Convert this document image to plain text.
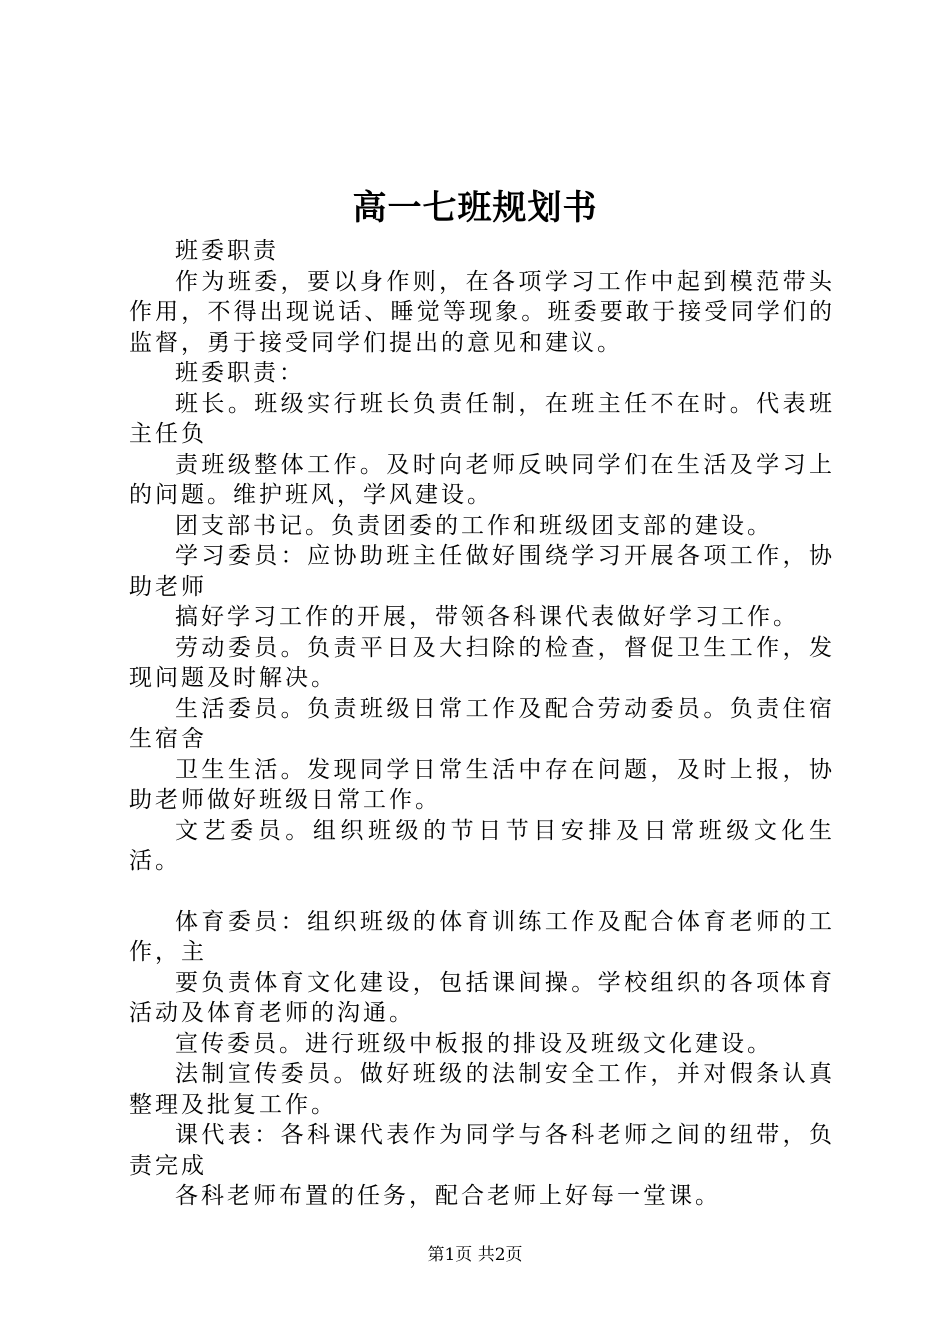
高一七班规划书

班委职责

作为班委，要以身作则，在各项学习工作中起到模范带头作用，不得出现说话、睡觉等现象。班委要敢于接受同学们的监督，勇于接受同学们提出的意见和建议。

班委职责：

班长。班级实行班长负责任制，在班主任不在时。代表班主任负

责班级整体工作。及时向老师反映同学们在生活及学习上的问题。维护班风，学风建设。

团支部书记。负责团委的工作和班级团支部的建设。

学习委员：应协助班主任做好围绕学习开展各项工作，协助老师

搞好学习工作的开展，带领各科课代表做好学习工作。

劳动委员。负责平日及大扫除的检查，督促卫生工作，发现问题及时解决。

生活委员。负责班级日常工作及配合劳动委员。负责住宿生宿舍

卫生生活。发现同学日常生活中存在问题，及时上报，协助老师做好班级日常工作。

文艺委员。组织班级的节日节目安排及日常班级文化生活。

体育委员：组织班级的体育训练工作及配合体育老师的工作，主

要负责体育文化建设，包括课间操。学校组织的各项体育活动及体育老师的沟通。

宣传委员。进行班级中板报的排设及班级文化建设。

法制宣传委员。做好班级的法制安全工作，并对假条认真整理及批复工作。

课代表：各科课代表作为同学与各科老师之间的纽带，负责完成

各科老师布置的任务，配合老师上好每一堂课。

第1页 共2页
